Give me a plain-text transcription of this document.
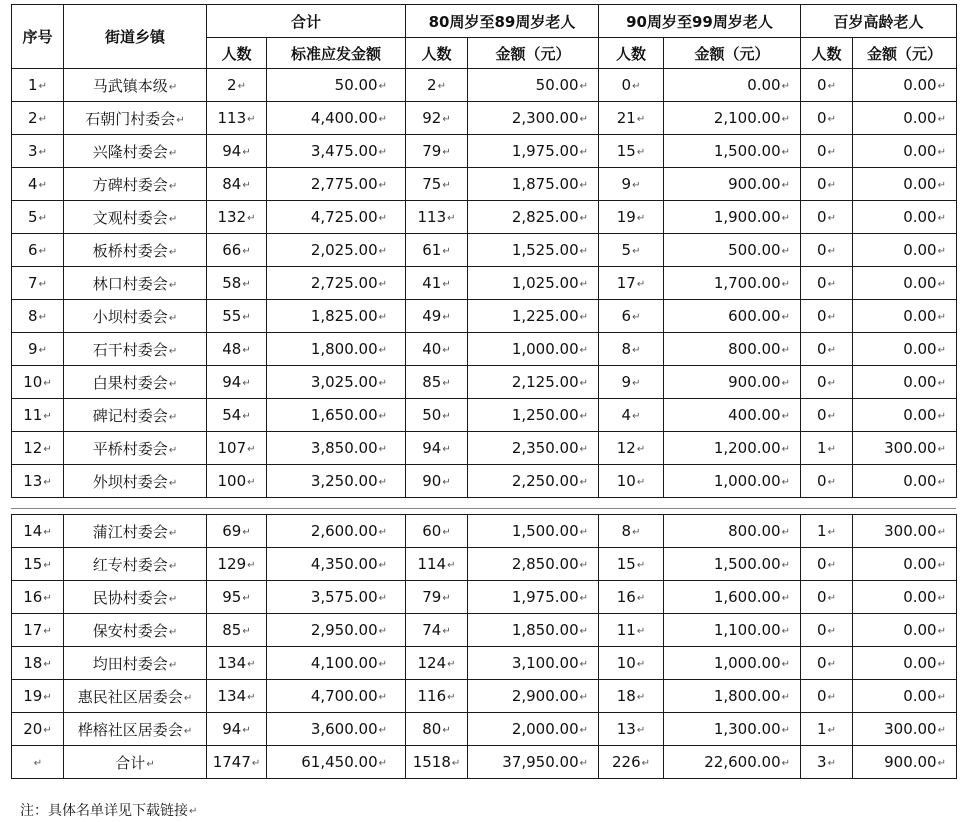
序号	街道乡镇	合计		80周岁至89周岁老人		90周岁至99周岁老人		百岁高龄老人	
		人数	标准应发金额	人数	金额（元）	人数	金额（元）	人数	金额（元）
1 ↵	马武镇本级 ↵	2 ↵	50.00 ↵	2 ↵	50.00 ↵	0 ↵	0.00 ↵	0 ↵	0.00 ↵
2 ↵	石朝门村委会 ↵	113 ↵	4,400.00 ↵	92 ↵	2,300.00 ↵	21 ↵	2,100.00 ↵	0 ↵	0.00 ↵
3 ↵	兴隆村委会 ↵	94 ↵	3,475.00 ↵	79 ↵	1,975.00 ↵	15 ↵	1,500.00 ↵	0 ↵	0.00 ↵
4 ↵	方碑村委会 ↵	84 ↵	2,775.00 ↵	75 ↵	1,875.00 ↵	9 ↵	900.00 ↵	0 ↵	0.00 ↵
5 ↵	文观村委会 ↵	132 ↵	4,725.00 ↵	113 ↵	2,825.00 ↵	19 ↵	1,900.00 ↵	0 ↵	0.00 ↵
6 ↵	板桥村委会 ↵	66 ↵	2,025.00 ↵	61 ↵	1,525.00 ↵	5 ↵	500.00 ↵	0 ↵	0.00 ↵
7 ↵	林口村委会 ↵	58 ↵	2,725.00 ↵	41 ↵	1,025.00 ↵	17 ↵	1,700.00 ↵	0 ↵	0.00 ↵
8 ↵	小坝村委会 ↵	55 ↵	1,825.00 ↵	49 ↵	1,225.00 ↵	6 ↵	600.00 ↵	0 ↵	0.00 ↵
9 ↵	石干村委会 ↵	48 ↵	1,800.00 ↵	40 ↵	1,000.00 ↵	8 ↵	800.00 ↵	0 ↵	0.00 ↵
10 ↵	白果村委会 ↵	94 ↵	3,025.00 ↵	85 ↵	2,125.00 ↵	9 ↵	900.00 ↵	0 ↵	0.00 ↵
11 ↵	碑记村委会 ↵	54 ↵	1,650.00 ↵	50 ↵	1,250.00 ↵	4 ↵	400.00 ↵	0 ↵	0.00 ↵
12 ↵	平桥村委会 ↵	107 ↵	3,850.00 ↵	94 ↵	2,350.00 ↵	12 ↵	1,200.00 ↵	1 ↵	300.00 ↵
13 ↵	外坝村委会 ↵	100 ↵	3,250.00 ↵	90 ↵	2,250.00 ↵	10 ↵	1,000.00 ↵	0 ↵	0.00 ↵
14 ↵	蒲江村委会 ↵	69 ↵	2,600.00 ↵	60 ↵	1,500.00 ↵	8 ↵	800.00 ↵	1 ↵	300.00 ↵
15 ↵	红专村委会 ↵	129 ↵	4,350.00 ↵	114 ↵	2,850.00 ↵	15 ↵	1,500.00 ↵	0 ↵	0.00 ↵
16 ↵	民协村委会 ↵	95 ↵	3,575.00 ↵	79 ↵	1,975.00 ↵	16 ↵	1,600.00 ↵	0 ↵	0.00 ↵
17 ↵	保安村委会 ↵	85 ↵	2,950.00 ↵	74 ↵	1,850.00 ↵	11 ↵	1,100.00 ↵	0 ↵	0.00 ↵
18 ↵	均田村委会 ↵	134 ↵	4,100.00 ↵	124 ↵	3,100.00 ↵	10 ↵	1,000.00 ↵	0 ↵	0.00 ↵
19 ↵	惠民社区居委会 ↵	134 ↵	4,700.00 ↵	116 ↵	2,900.00 ↵	18 ↵	1,800.00 ↵	0 ↵	0.00 ↵
20 ↵	桦榕社区居委会 ↵	94 ↵	3,600.00 ↵	80 ↵	2,000.00 ↵	13 ↵	1,300.00 ↵	1 ↵	300.00 ↵
↵	合计 ↵	1747 ↵	61,450.00 ↵	1518 ↵	37,950.00 ↵	226 ↵	22,600.00 ↵	3 ↵	900.00 ↵
注：具体名单详见下载链接 ↵
